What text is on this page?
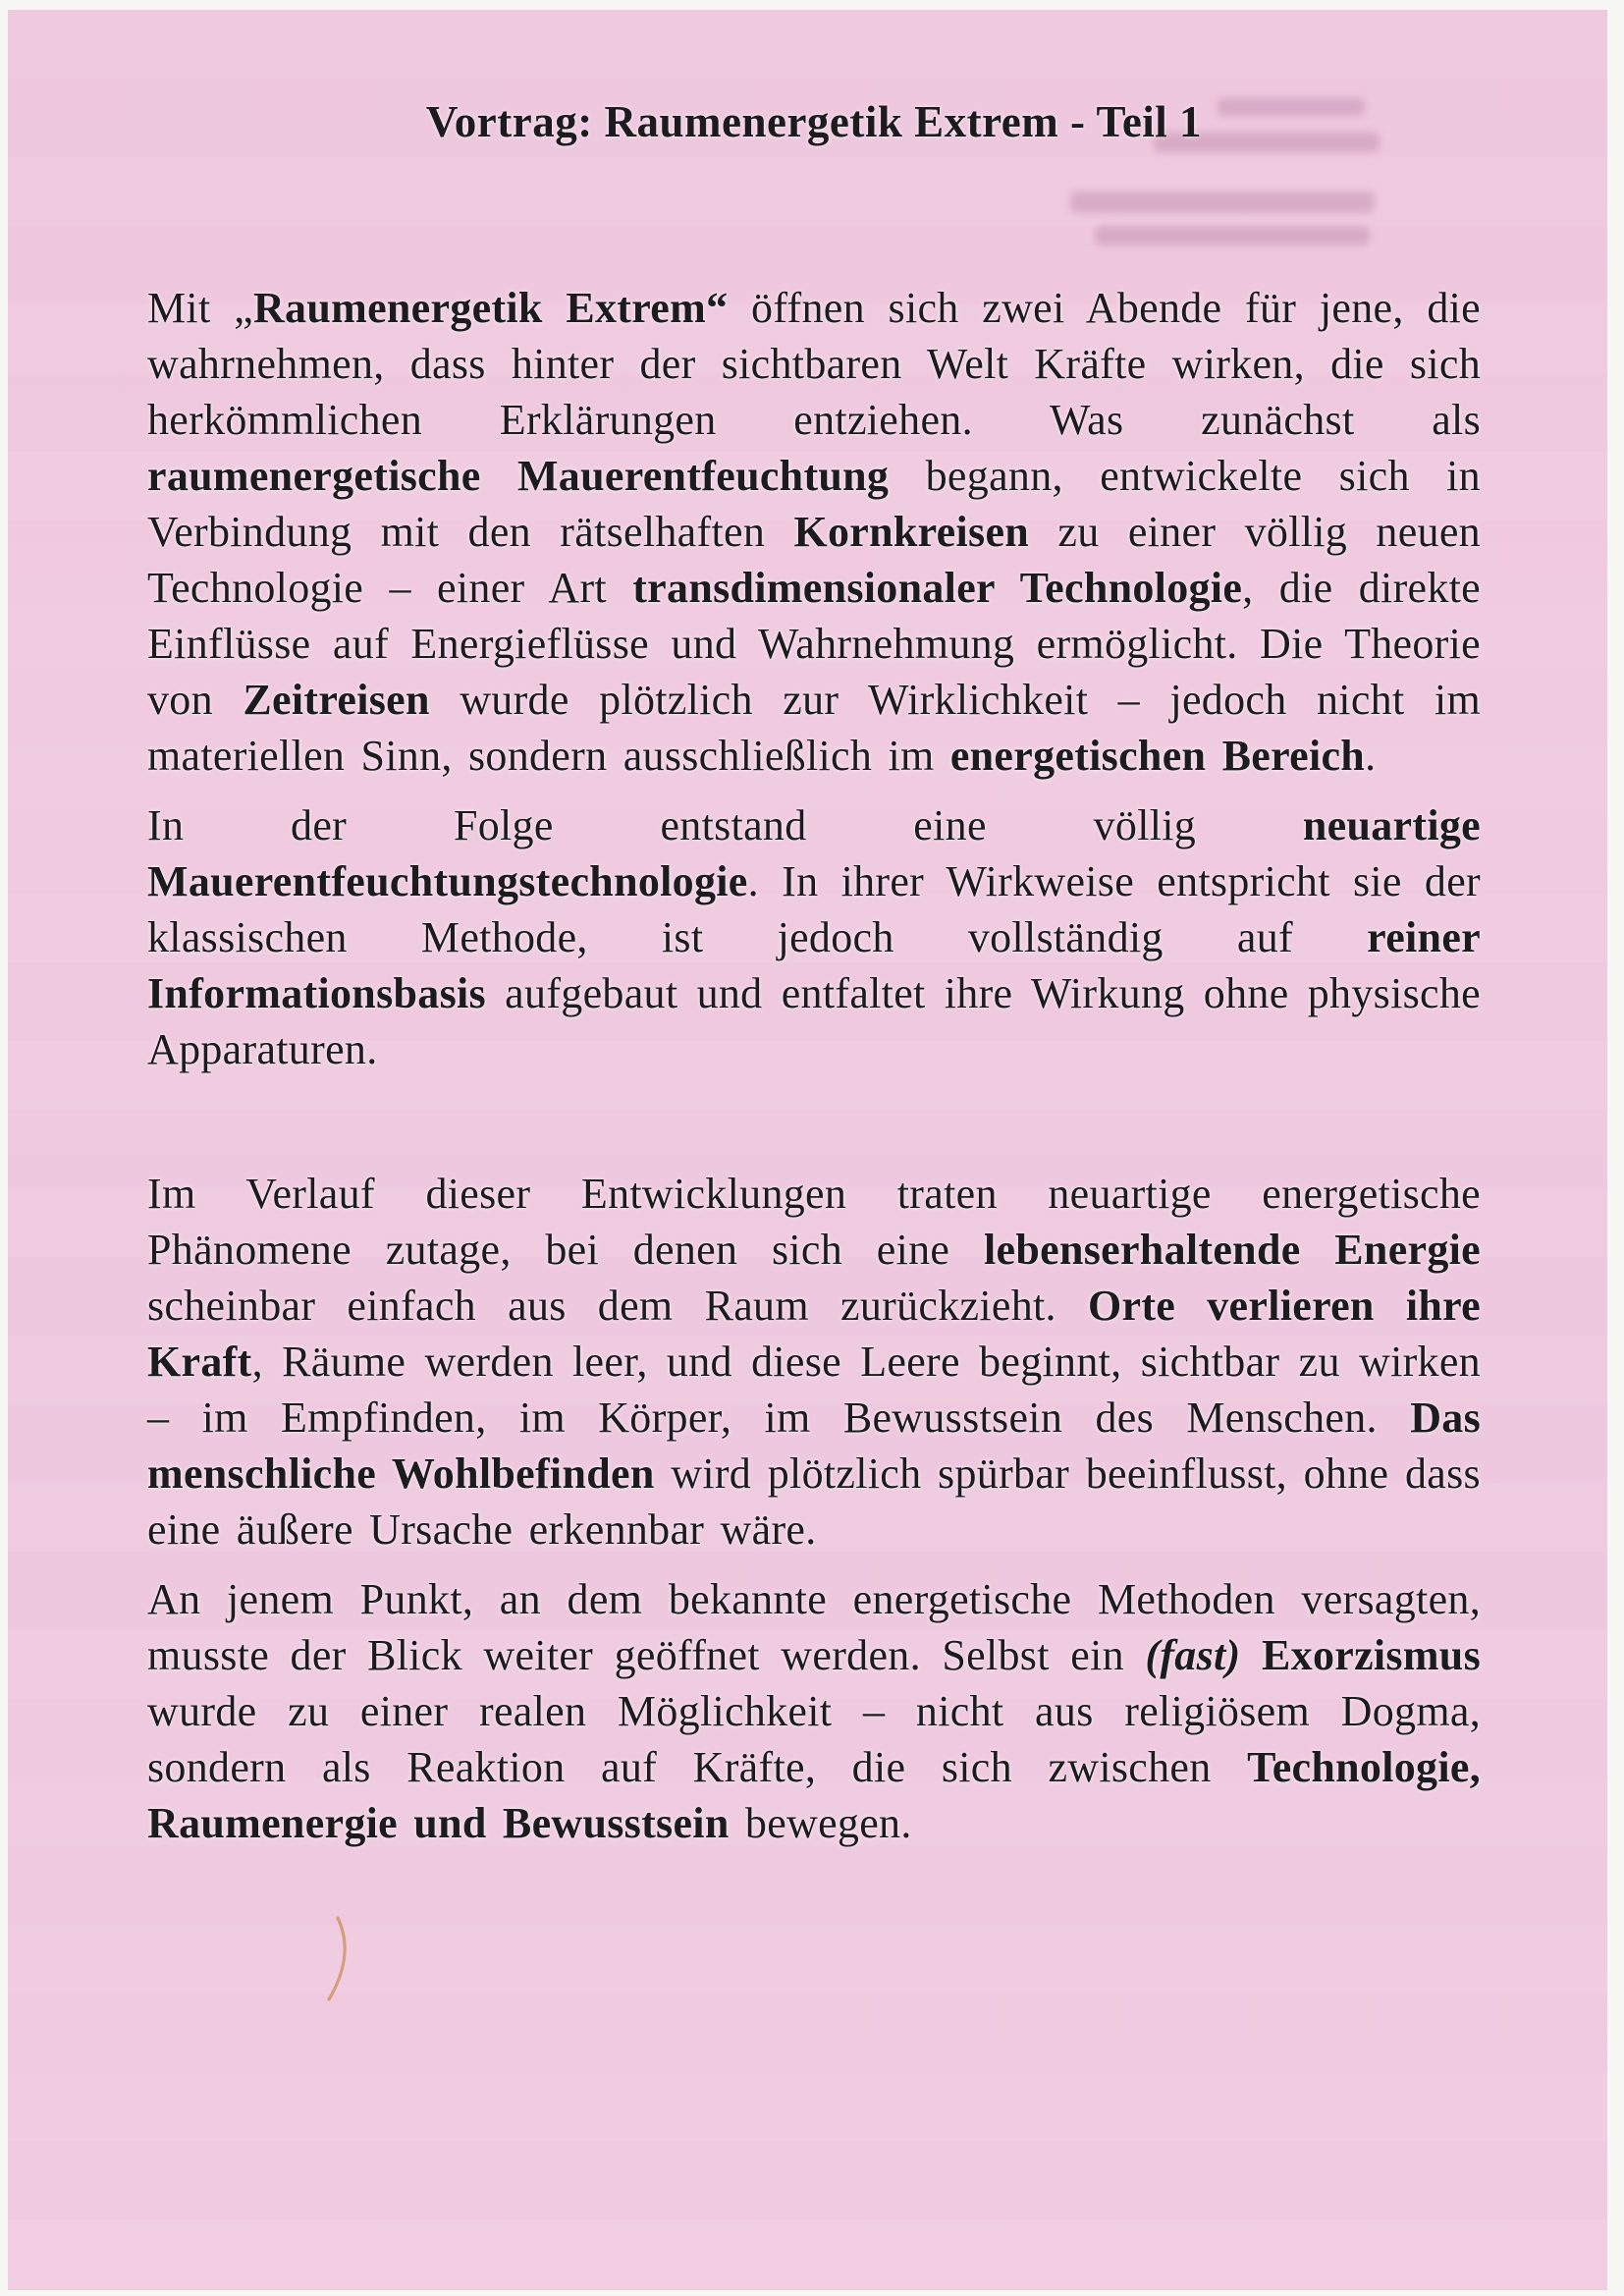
Vortrag: Raumenergetik Extrem - Teil 1

Mit „Raumenergetik Extrem“ öffnen sich zwei Abende für jene, die wahrnehmen, dass hinter der sichtbaren Welt Kräfte wirken, die sich herkömmlichen Erklärungen entziehen. Was zunächst als raumenergetische Mauerentfeuchtung begann, entwickelte sich in Verbindung mit den rätselhaften Kornkreisen zu einer völlig neuen Technologie – einer Art transdimensionaler Technologie, die direkte Einflüsse auf Energieflüsse und Wahrnehmung ermöglicht. Die Theorie von Zeitreisen wurde plötzlich zur Wirklichkeit – jedoch nicht im materiellen Sinn, sondern ausschließlich im energetischen Bereich.

In der Folge entstand eine völlig neuartige Mauerentfeuchtungstechnologie. In ihrer Wirkweise entspricht sie der klassischen Methode, ist jedoch vollständig auf reiner Informationsbasis aufgebaut und entfaltet ihre Wirkung ohne physische Apparaturen.

Im Verlauf dieser Entwicklungen traten neuartige energetische Phänomene zutage, bei denen sich eine lebenserhaltende Energie scheinbar einfach aus dem Raum zurückzieht. Orte verlieren ihre Kraft, Räume werden leer, und diese Leere beginnt, sichtbar zu wirken – im Empfinden, im Körper, im Bewusstsein des Menschen. Das menschliche Wohlbefinden wird plötzlich spürbar beeinflusst, ohne dass eine äußere Ursache erkennbar wäre.

An jenem Punkt, an dem bekannte energetische Methoden versagten, musste der Blick weiter geöffnet werden. Selbst ein (fast) Exorzismus wurde zu einer realen Möglichkeit – nicht aus religiösem Dogma, sondern als Reaktion auf Kräfte, die sich zwischen Technologie, Raumenergie und Bewusstsein bewegen.
